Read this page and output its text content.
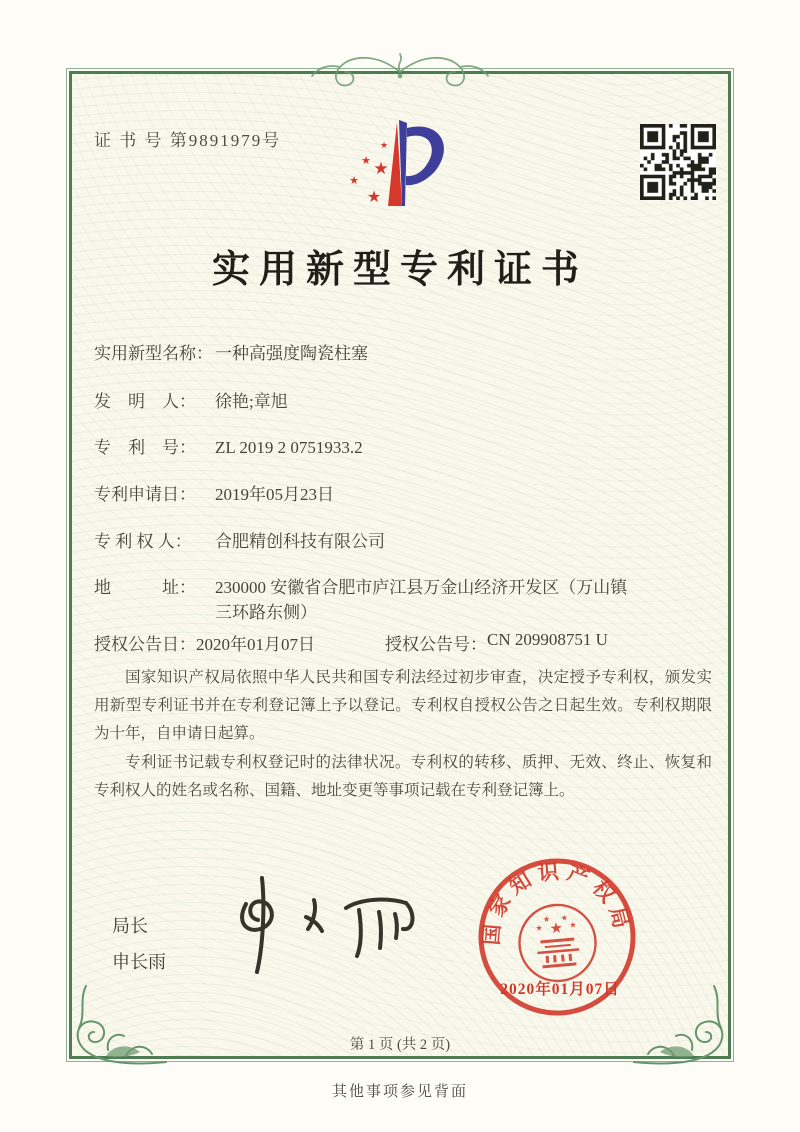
证 书 号 第9891979号	★
★ ★
★
★
实用新型专利证书
实用新型名称： 一种高强度陶瓷柱塞
发　明　人：	徐艳;章旭
专　利　号：	ZL 2019 2 0751933.2
专利申请日：	2019年05月23日
专 利 权 人：	合肥精创科技有限公司
地　　　址：	230000 安徽省合肥市庐江县万金山经济开发区（万山镇
三环路东侧）
授权公告日： 2020年01月07日	授权公告号： CN 209908751 U

国家知识产权局依照中华人民共和国专利法经过初步审查，决定授予专利权，颁发实用新型专利证书并在专利登记簿上予以登记。专利权自授权公告之日起生效。专利权期限为十年，自申请日起算。

专利证书记载专利权登记时的法律状况。专利权的转移、质押、无效、终止、恢复和专利权人的姓名或名称、国籍、地址变更等事项记载在专利登记簿上。

局长
申长雨
国家知识产权局
★
★
★ ★
★
2020年01月07日
第 1 页 (共 2 页)
其他事项参见背面
